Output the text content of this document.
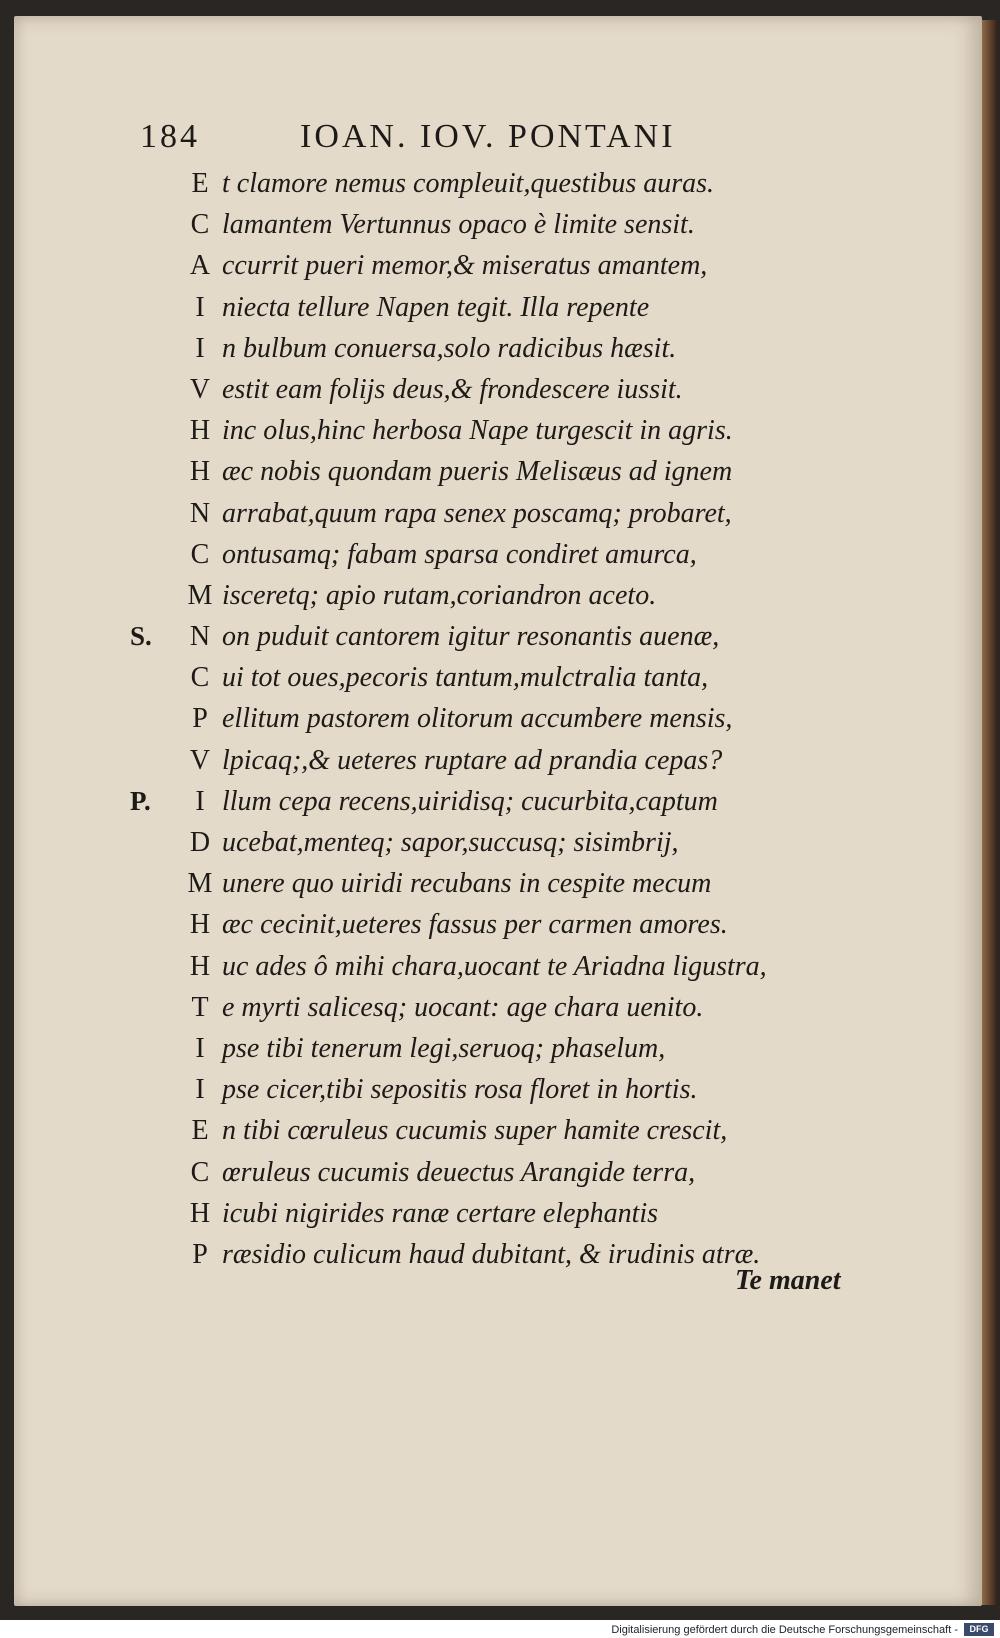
184	IOAN. IOV. PONTANI
E t clamore nemus compleuit,questibus auras.
C lamantem Vertunnus opaco è limite sensit.
A ccurrit pueri memor,& miseratus amantem,
I niecta tellure Napen tegit. Illa repente
I n bulbum conuersa,solo radicibus hæsit.
V estit eam folijs deus,& frondescere iussit.
H inc olus,hinc herbosa Nape turgescit in agris.
H æc nobis quondam pueris Melisæus ad ignem
N arrabat,quum rapa senex poscamq; probaret,
C ontusamq; fabam sparsa condiret amurca,
M isceretq; apio rutam,coriandron aceto.
S.	N on puduit cantorem igitur resonantis auenæ,
C ui tot oues,pecoris tantum,mulctralia tanta,
P ellitum pastorem olitorum accumbere mensis,
V lpicaq;,& ueteres ruptare ad prandia cepas?
P.	I llum cepa recens,uiridisq; cucurbita,captum
D ucebat,menteq; sapor,succusq; sisimbrij,
M unere quo uiridi recubans in cespite mecum
H æc cecinit,ueteres fassus per carmen amores.
H uc ades ô mihi chara,uocant te Ariadna ligustra,
T e myrti salicesq; uocant: age chara uenito.
I pse tibi tenerum legi,seruoq; phaselum,
I pse cicer,tibi sepositis rosa floret in hortis.
E n tibi cœruleus cucumis super hamite crescit,
C œruleus cucumis deuectus Arangide terra,
H icubi nigirides ranæ certare elephantis
P ræsidio culicum haud dubitant, & irudinis atræ.
Te manet
Digitalisierung gefördert durch die Deutsche Forschungsgemeinschaft -	DFG
